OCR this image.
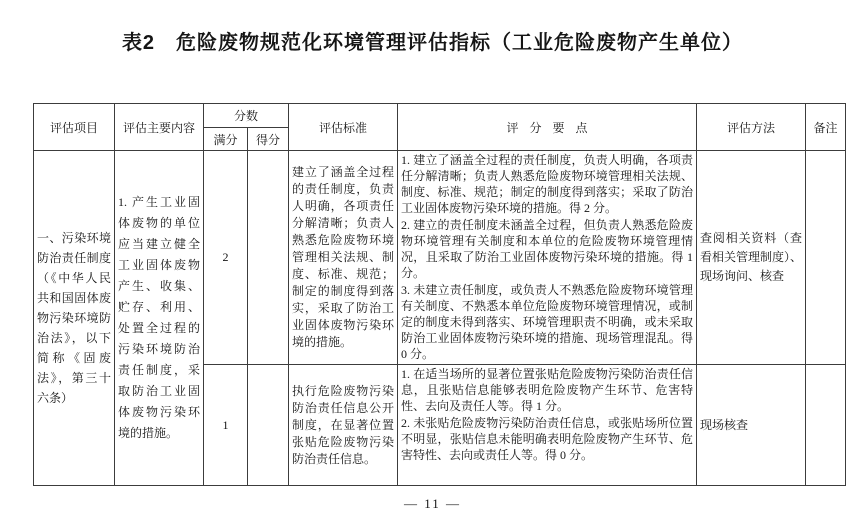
表2　危险废物规范化环境管理评估指标（工业危险废物产生单位）
评估项目	评估主要内容	分数		评估标准	评分要点	评估方法	备注
		满分	得分				
一、污染环境防治责任制度（《中华人民共和国固体废物污染环境防治法》，以下简称《固废法》，第三十六条）	1. 产生工业固体废物的单位应当建立健全工业固体废物产生、收集、贮存、利用、处置全过程的污染环境防治责任制度，采取防治工业固体废物污染环境的措施。	2		建立了涵盖全过程的责任制度，负责人明确，各项责任分解清晰；负责人熟悉危险废物环境管理相关法规、制度、标准、规范；制定的制度得到落实，采取了防治工业固体废物污染环境的措施。	1. 建立了涵盖全过程的责任制度，负责人明确，各项责任分解清晰；负责人熟悉危险废物环境管理相关法规、制度、标准、规范；制定的制度得到落实；采取了防治工业固体废物污染环境的措施。得 2 分。

2. 建立的责任制度未涵盖全过程，但负责人熟悉危险废物环境管理有关制度和本单位的危险废物环境管理情况，且采取了防治工业固体废物污染环境的措施。得 1 分。

3. 未建立责任制度，或负责人不熟悉危险废物环境管理有关制度、不熟悉本单位危险废物环境管理情况，或制定的制度未得到落实、环境管理职责不明确，或未采取防治工业固体废物污染环境的措施、现场管理混乱。得 0 分。	查阅相关资料（查看相关管理制度）、现场询问、核查	
		1		执行危险废物污染防治责任信息公开制度，在显著位置张贴危险废物污染防治责任信息。	1. 在适当场所的显著位置张贴危险废物污染防治责任信息，且张贴信息能够表明危险废物产生环节、危害特性、去向及责任人等。得 1 分。

2. 未张贴危险废物污染防治责任信息，或张贴场所位置不明显，张贴信息未能明确表明危险废物产生环节、危害特性、去向或责任人等。得 0 分。	现场核查	
— 11 —
